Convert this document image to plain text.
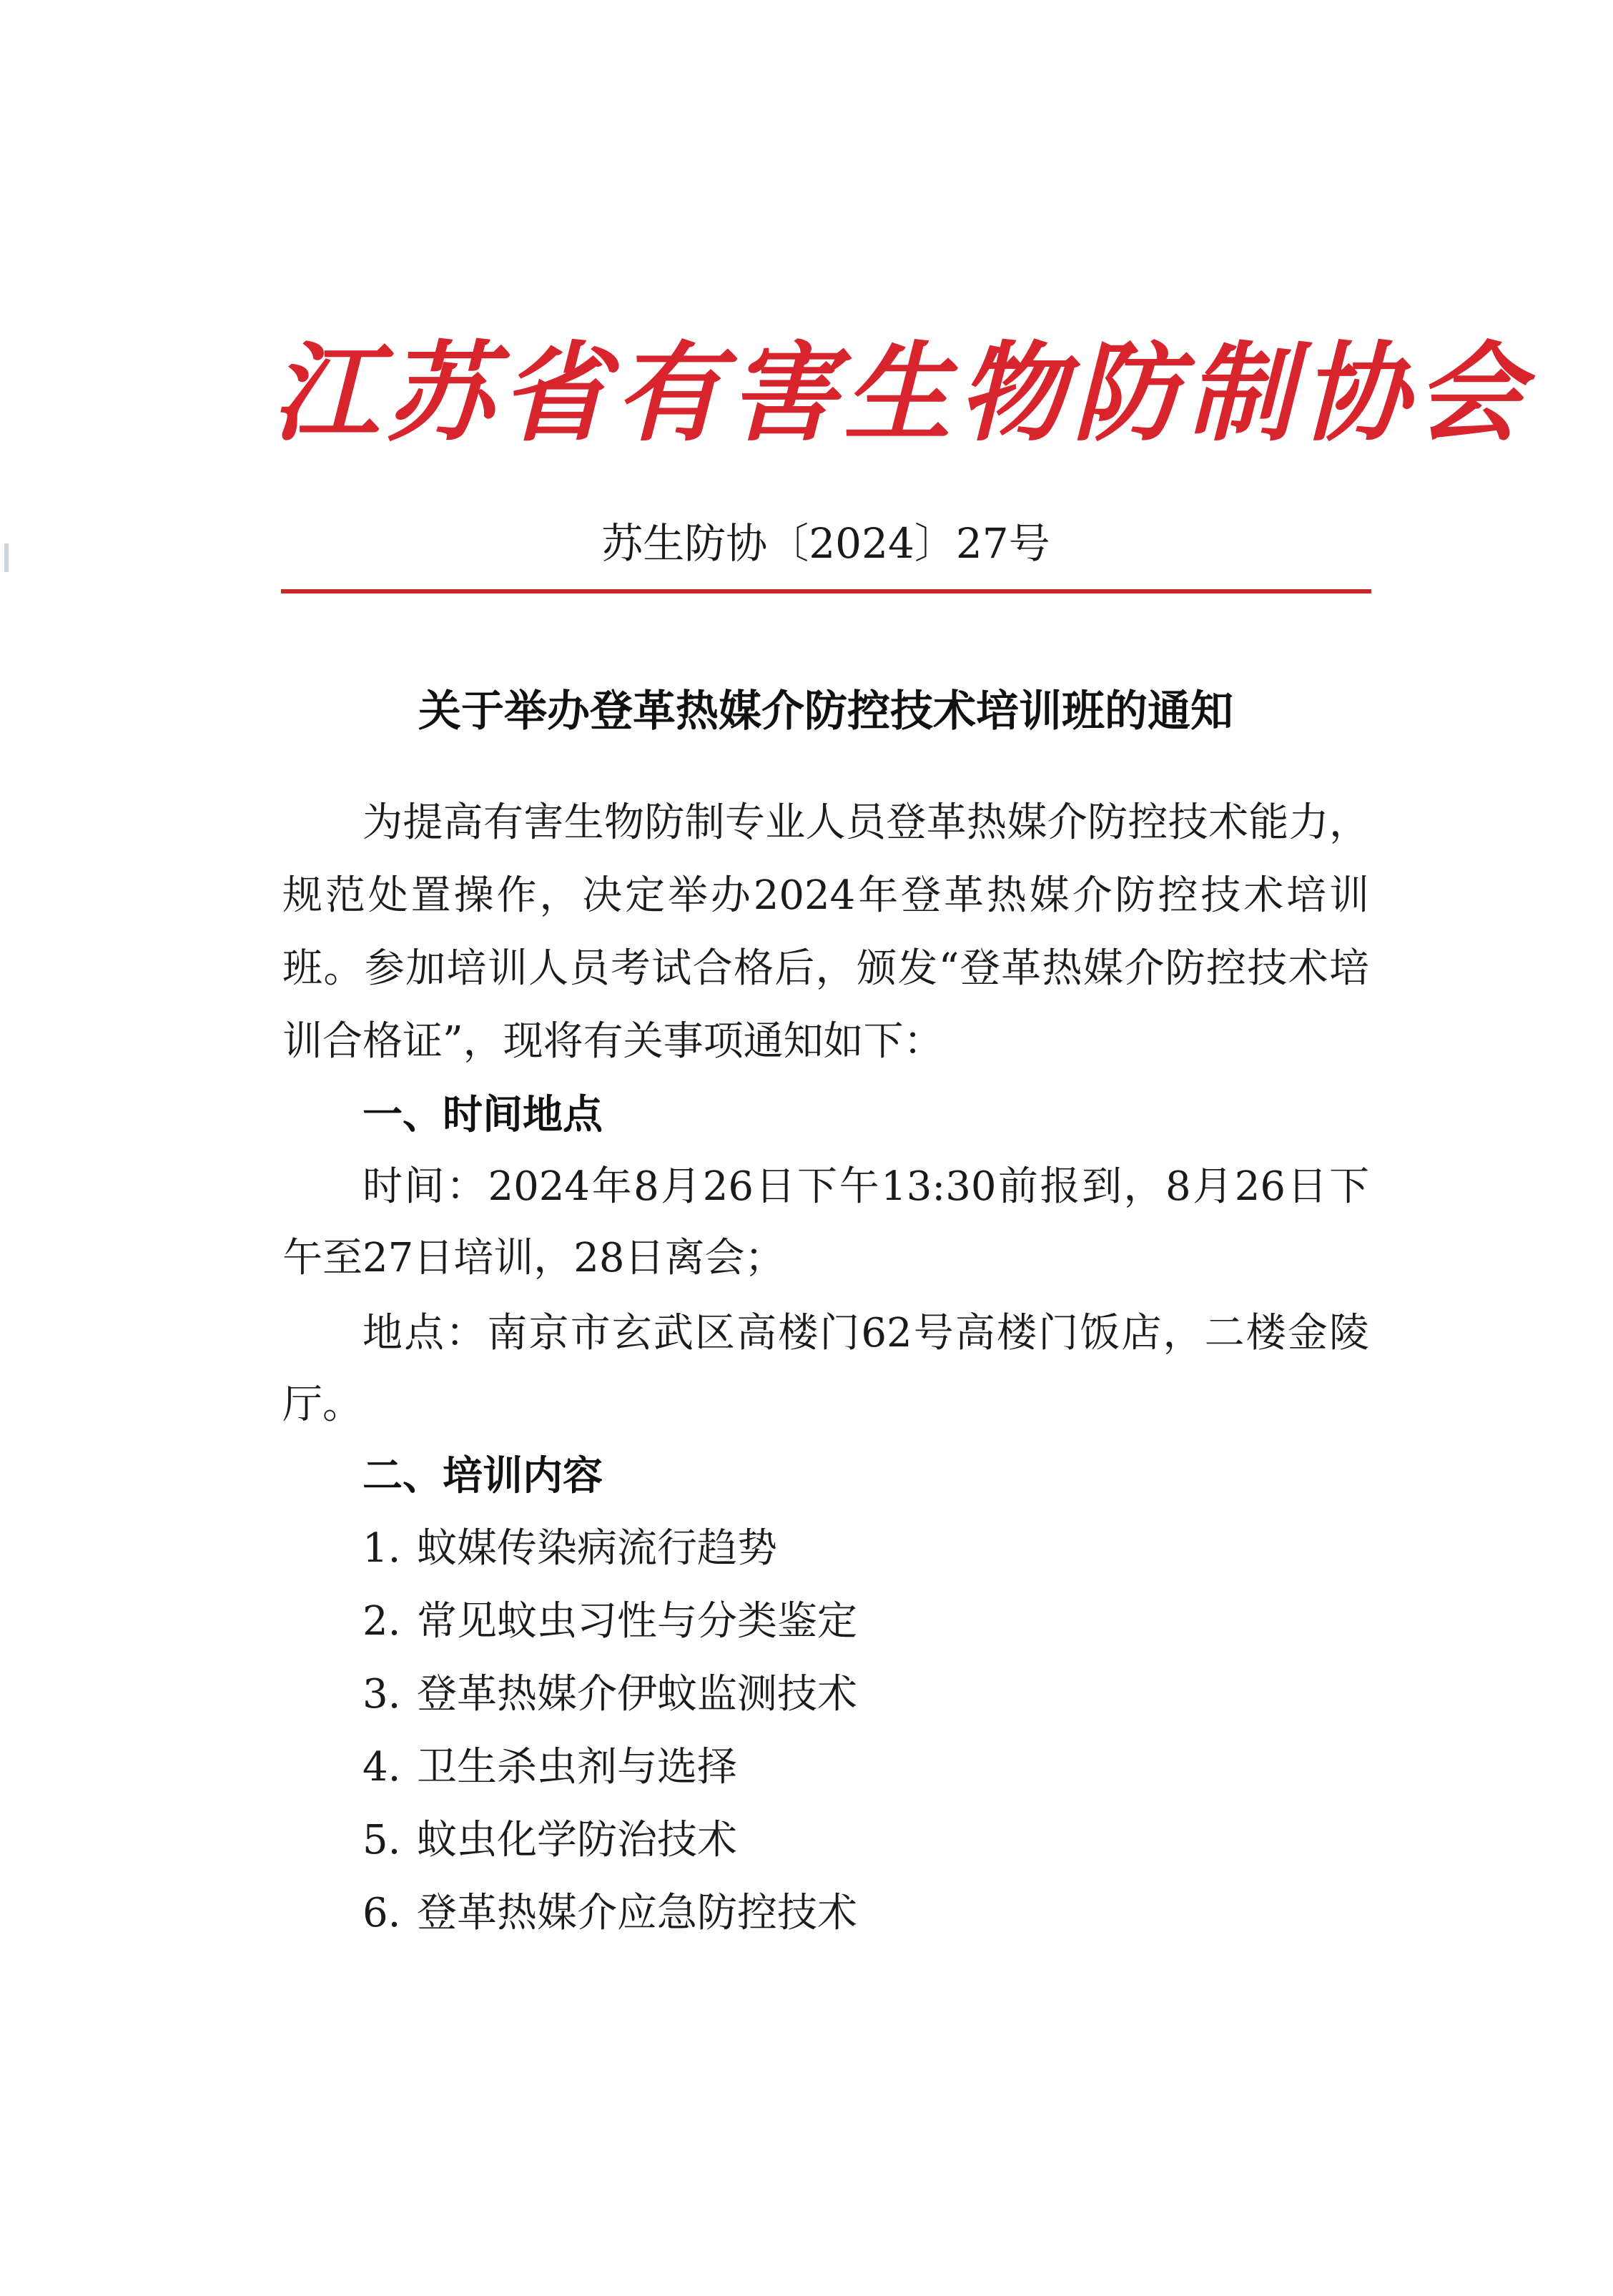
江苏省有害生物防制协会
苏生防协〔2024〕27号
关于举办登革热媒介防控技术培训班的通知
为提高有害生物防制专业人员登革热媒介防控技术能力，规范处置操作，决定举办2024年登革热媒介防控技术培训班。参加培训人员考试合格后，颁发“登革热媒介防控技术培训合格证”，现将有关事项通知如下：
一、时间地点
时间：2024年8月26日下午13:30前报到，8月26日下午至27日培训，28日离会；
地点：南京市玄武区高楼门62号高楼门饭店，二楼金陵厅。
二、培训内容
1. 蚊媒传染病流行趋势
2. 常见蚊虫习性与分类鉴定
3. 登革热媒介伊蚊监测技术
4. 卫生杀虫剂与选择
5. 蚊虫化学防治技术
6. 登革热媒介应急防控技术
